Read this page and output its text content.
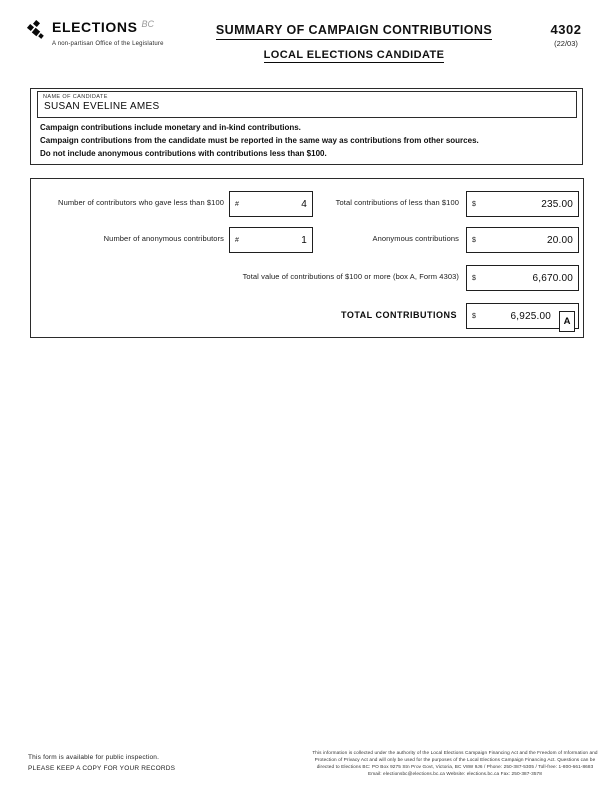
ELECTIONS BC
A non-partisan Office of the Legislature
SUMMARY OF CAMPAIGN CONTRIBUTIONS
LOCAL ELECTIONS CANDIDATE
4302
(22/03)
NAME OF CANDIDATE
SUSAN EVELINE AMES
Campaign contributions include monetary and in-kind contributions.
Campaign contributions from the candidate must be reported in the same way as contributions from other sources.
Do not include anonymous contributions with contributions less than $100.
Number of contributors who gave less than $100	#	4	Total contributions of less than $100	$	235.00
Number of anonymous contributors	#	1	Anonymous contributions	$	20.00
Total value of contributions of $100 or more (box A, Form 4303)	$	6,670.00
TOTAL CONTRIBUTIONS	$	6,925.00	A
This form is available for public inspection.
PLEASE KEEP A COPY FOR YOUR RECORDS
This information is collected under the authority of the Local Elections Campaign Financing Act and the Freedom of Information and
Protection of Privacy Act and will only be used for the purposes of the Local Elections Campaign Financing Act. Questions can be
directed to Elections BC: PO Box 9275 Stn Prov Govt, Victoria, BC V8W 9J6 / Phone: 250-387-5305 / Toll-free: 1-800-661-8683
Email: electionsbc@elections.bc.ca Website: elections.bc.ca Fax: 250-387-3578
